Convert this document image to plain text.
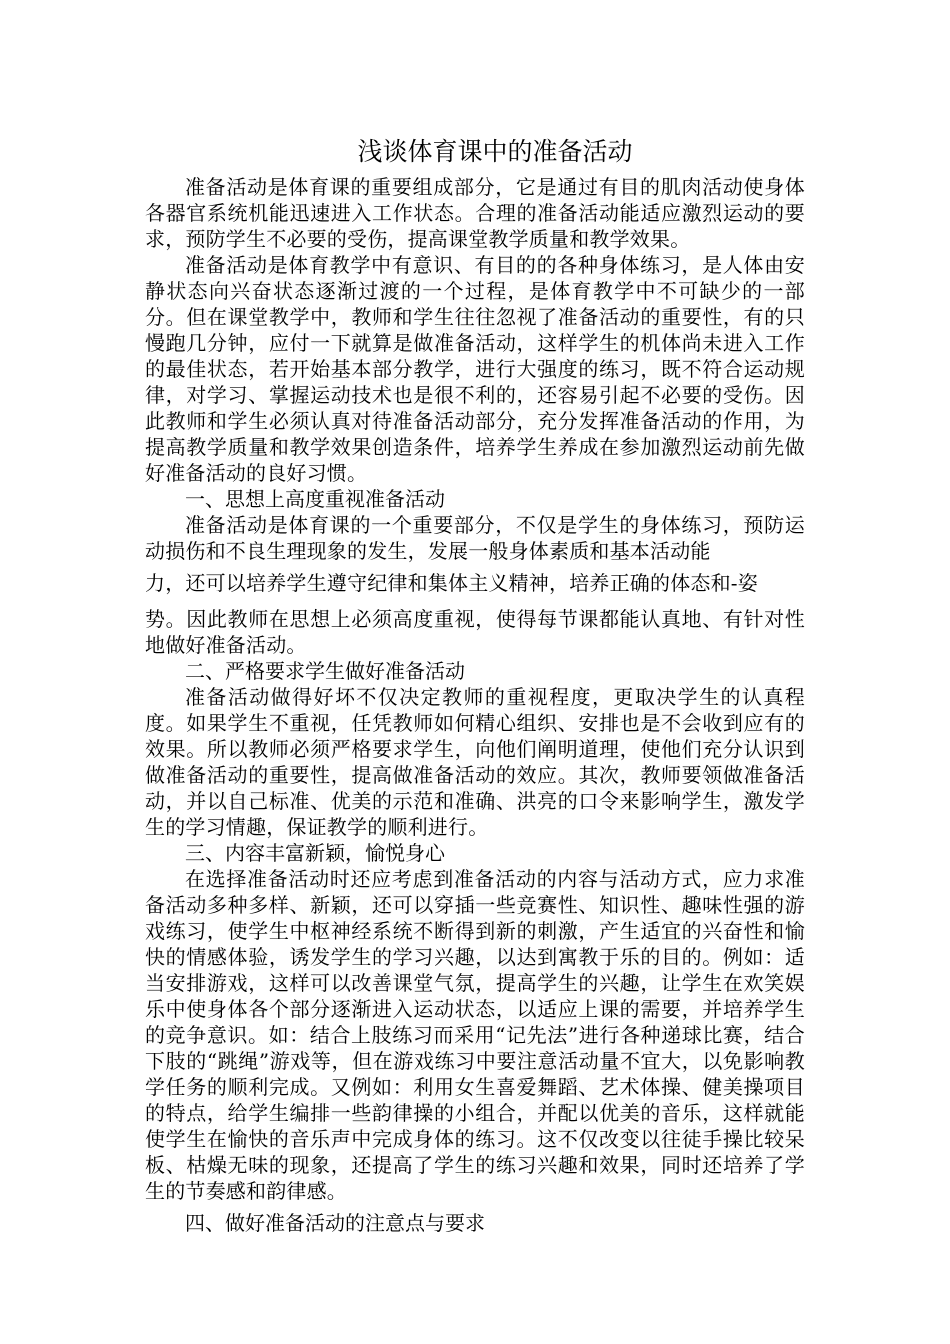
浅谈体育课中的准备活动

准备活动是体育课的重要组成部分，它是通过有目的肌肉活动使身体各器官系统机能迅速进入工作状态。合理的准备活动能适应激烈运动的要求，预防学生不必要的受伤，提高课堂教学质量和教学效果。

准备活动是体育教学中有意识、有目的的各种身体练习，是人体由安静状态向兴奋状态逐渐过渡的一个过程，是体育教学中不可缺少的一部分。但在课堂教学中，教师和学生往往忽视了准备活动的重要性，有的只慢跑几分钟，应付一下就算是做准备活动，这样学生的机体尚未进入工作的最佳状态，若开始基本部分教学，进行大强度的练习，既不符合运动规律，对学习、掌握运动技术也是很不利的，还容易引起不必要的受伤。因此教师和学生必须认真对待准备活动部分，充分发挥准备活动的作用，为提高教学质量和教学效果创造条件，培养学生养成在参加激烈运动前先做好准备活动的良好习惯。

一、思想上高度重视准备活动

准备活动是体育课的一个重要部分，不仅是学生的身体练习，预防运动损伤和不良生理现象的发生，发展一般身体素质和基本活动能

力，还可以培养学生遵守纪律和集体主义精神，培养正确的体态和-姿

势。因此教师在思想上必须高度重视，使得每节课都能认真地、有针对性地做好准备活动。

二、严格要求学生做好准备活动

准备活动做得好坏不仅决定教师的重视程度，更取决学生的认真程度。如果学生不重视，任凭教师如何精心组织、安排也是不会收到应有的效果。所以教师必须严格要求学生，向他们阐明道理，使他们充分认识到做准备活动的重要性，提高做准备活动的效应。其次，教师要领做准备活动，并以自己标准、优美的示范和准确、洪亮的口令来影响学生，激发学生的学习情趣，保证教学的顺利进行。

三、内容丰富新颖，愉悦身心

在选择准备活动时还应考虑到准备活动的内容与活动方式，应力求准备活动多种多样、新颖，还可以穿插一些竞赛性、知识性、趣味性强的游戏练习，使学生中枢神经系统不断得到新的刺激，产生适宜的兴奋性和愉快的情感体验，诱发学生的学习兴趣，以达到寓教于乐的目的。例如：适当安排游戏，这样可以改善课堂气氛，提高学生的兴趣，让学生在欢笑娱乐中使身体各个部分逐渐进入运动状态，以适应上课的需要，并培养学生的竞争意识。如：结合上肢练习而采用“记先法”进行各种递球比赛，结合下肢的“跳绳”游戏等，但在游戏练习中要注意活动量不宜大，以免影响教学任务的顺利完成。又例如：利用女生喜爱舞蹈、艺术体操、健美操项目的特点，给学生编排一些韵律操的小组合，并配以优美的音乐，这样就能使学生在愉快的音乐声中完成身体的练习。这不仅改变以往徒手操比较呆板、枯燥无味的现象，还提高了学生的练习兴趣和效果，同时还培养了学生的节奏感和韵律感。

四、做好准备活动的注意点与要求
